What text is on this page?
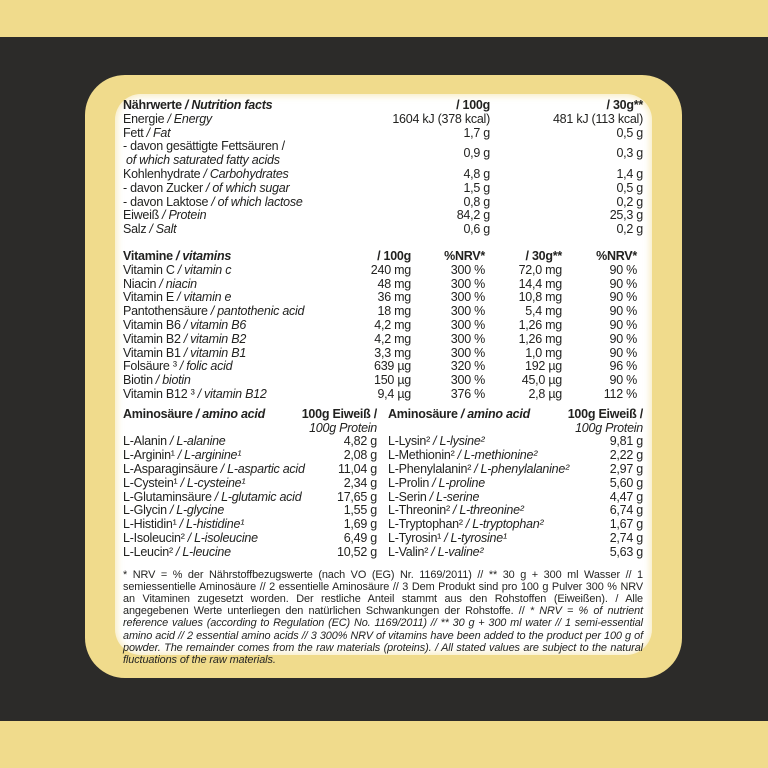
Nährwerte / Nutrition facts	/ 100g	/ 30g**
Energie / Energy	1604 kJ (378 kcal)	481 kJ (113 kcal)
Fett / Fat	1,7 g	0,5 g
- davon gesättigte Fettsäuren /
of which saturated fatty acids	0,9 g	0,3 g
Kohlenhydrate / Carbohydrates	4,8 g	1,4 g
- davon Zucker / of which sugar	1,5 g	0,5 g
- davon Laktose / of which lactose	0,8 g	0,2 g
Eiweiß / Protein	84,2 g	25,3 g
Salz / Salt	0,6 g	0,2 g
Vitamine / vitamins	/ 100g	%NRV*	/ 30g**	%NRV*
Vitamin C / vitamin c	240 mg	300 %	72,0 mg	90 %
Niacin / niacin	48 mg	300 %	14,4 mg	90 %
Vitamin E / vitamin e	36 mg	300 %	10,8 mg	90 %
Pantothensäure / pantothenic acid	18 mg	300 %	5,4 mg	90 %
Vitamin B6 / vitamin B6	4,2 mg	300 %	1,26 mg	90 %
Vitamin B2 / vitamin B2	4,2 mg	300 %	1,26 mg	90 %
Vitamin B1 / vitamin B1	3,3 mg	300 %	1,0 mg	90 %
Folsäure ³ / folic acid	639 µg	320 %	192 µg	96 %
Biotin / biotin	150 µg	300 %	45,0 µg	90 %
Vitamin B12 ³ / vitamin B12	9,4 µg	376 %	2,8 µg	112 %
Aminosäure / amino acid	100g Eiweiß /
100g Protein
L-Alanin / L-alanine	4,82 g
L-Arginin¹ / L-arginine¹	2,08 g
L-Asparaginsäure / L-aspartic acid	11,04 g
L-Cystein¹ / L-cysteine¹	2,34 g
L-Glutaminsäure / L-glutamic acid	17,65 g
L-Glycin / L-glycine	1,55 g
L-Histidin¹ / L-histidine¹	1,69 g
L-Isoleucin² / L-isoleucine	6,49 g
L-Leucin² / L-leucine	10,52 g
Aminosäure / amino acid	100g Eiweiß /
100g Protein
L-Lysin² / L-lysine²	9,81 g
L-Methionin² / L-methionine²	2,22 g
L-Phenylalanin² / L-phenylalanine²	2,97 g
L-Prolin / L-proline	5,60 g
L-Serin / L-serine	4,47 g
L-Threonin² / L-threonine²	6,74 g
L-Tryptophan² / L-tryptophan²	1,67 g
L-Tyrosin¹ / L-tyrosine¹	2,74 g
L-Valin² / L-valine²	5,63 g

* NRV = % der Nährstoffbezugswerte (nach VO (EG) Nr. 1169/2011) // ** 30 g + 300 ml Wasser // 1 semiessentielle Aminosäure // 2 essentielle Aminosäure // 3 Dem Produkt sind pro 100 g Pulver 300 % NRV an Vitaminen zugesetzt worden. Der restliche Anteil stammt aus den Rohstoffen (Eiweißen). / Alle angegebenen Werte unterliegen den natürlichen Schwankungen der Rohstoffe. // * NRV = % of nutrient reference values (according to Regulation (EC) No. 1169/2011) // ** 30 g + 300 ml water // 1 semi-essential amino acid // 2 essential amino acids // 3 300% NRV of vitamins have been added to the product per 100 g of powder. The remainder comes from the raw materials (proteins). / All stated values are subject to the natural fluctuations of the raw materials.
